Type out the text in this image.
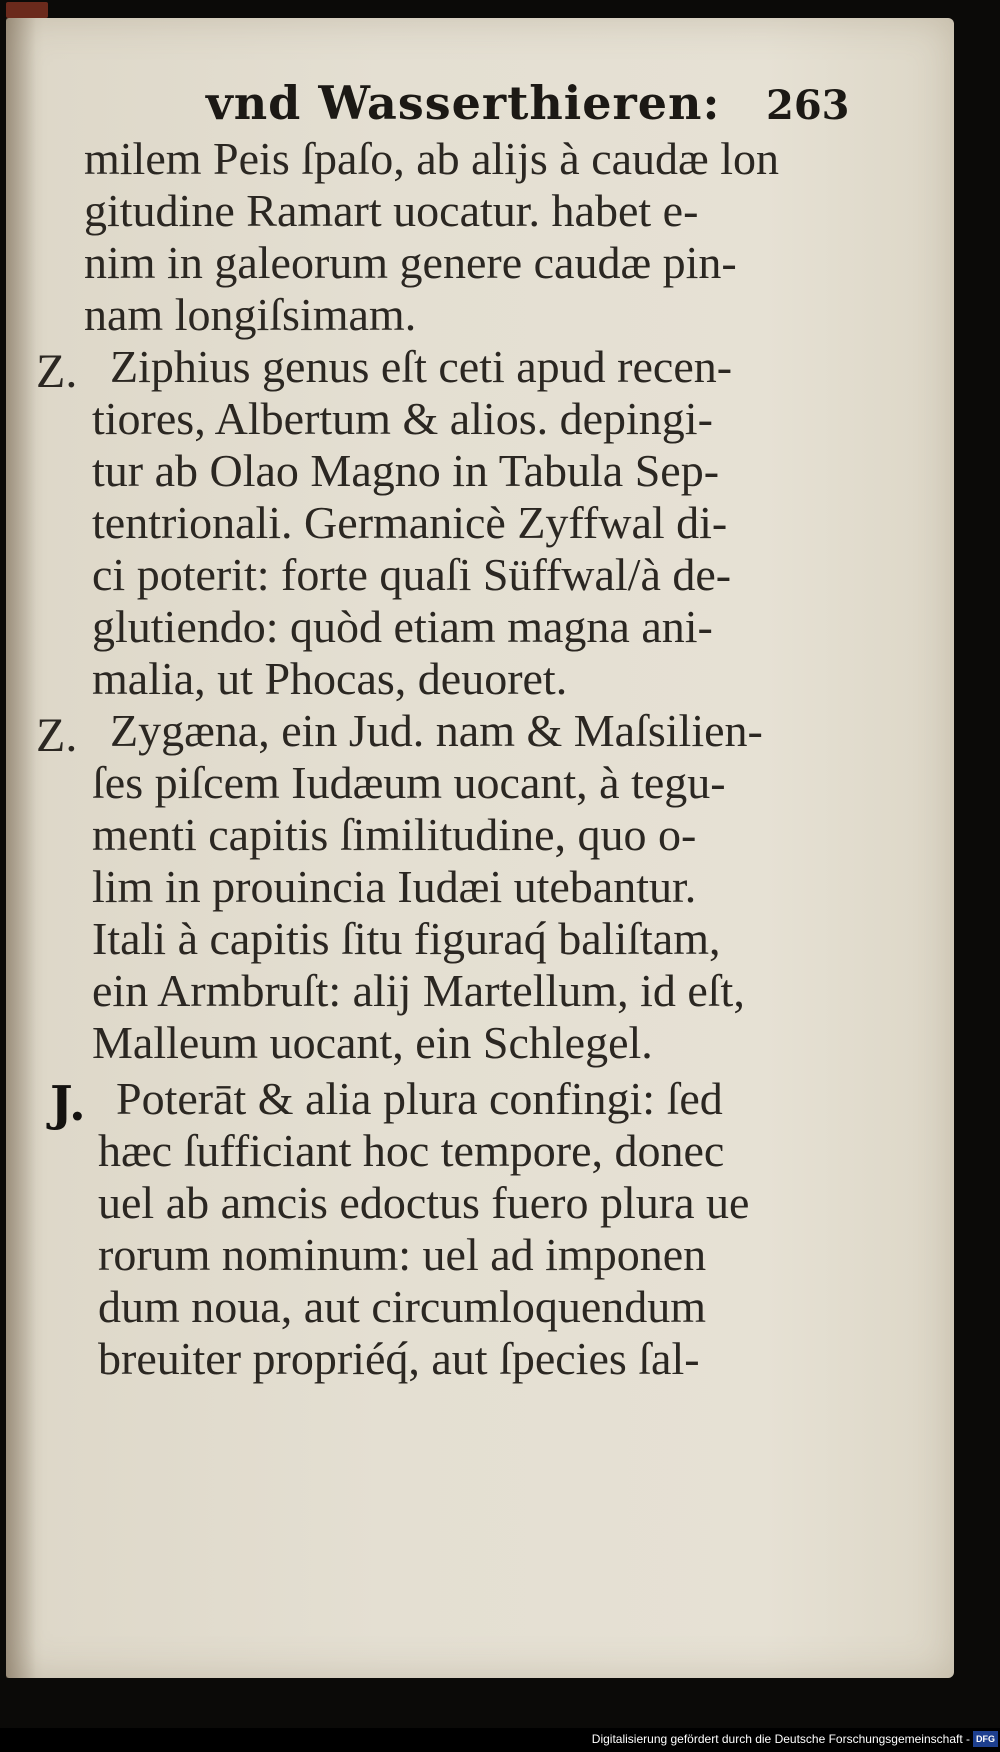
vnd Wasserthieren: 263
milem Peis ſpaſo, ab alijs à caudæ lon
gitudine Ramart uocatur. habet e-
nim in galeorum genere caudæ pin-
nam longiſsimam.
Z. Ziphius genus eſt ceti apud recen-
tiores, Albertum & alios. depingi-
tur ab Olao Magno in Tabula Sep-
tentrionali. Germanicè Zyffwal di-
ci poterit: forte quaſi Süffwal/à de-
glutiendo: quòd etiam magna ani-
malia, ut Phocas, deuoret.
Z. Zygæna, ein Jud. nam & Maſsilien-
ſes piſcem Iudæum uocant, à tegu-
menti capitis ſimilitudine, quo o-
lim in prouincia Iudæi utebantur.
Itali à capitis ſitu figuraq́ baliſtam,
ein Armbruſt: alij Martellum, id eſt,
Malleum uocant, ein Schlegel.
J. Poterāt & alia plura confingi: ſed
hæc ſufficiant hoc tempore, donec
uel ab amcis edoctus fuero plura ue
rorum nominum: uel ad imponen
dum noua, aut circumloquendum
breuiter propriéq́, aut ſpecies ſal-
Digitalisierung gefördert durch die Deutsche Forschungsgemeinschaft - DFG
